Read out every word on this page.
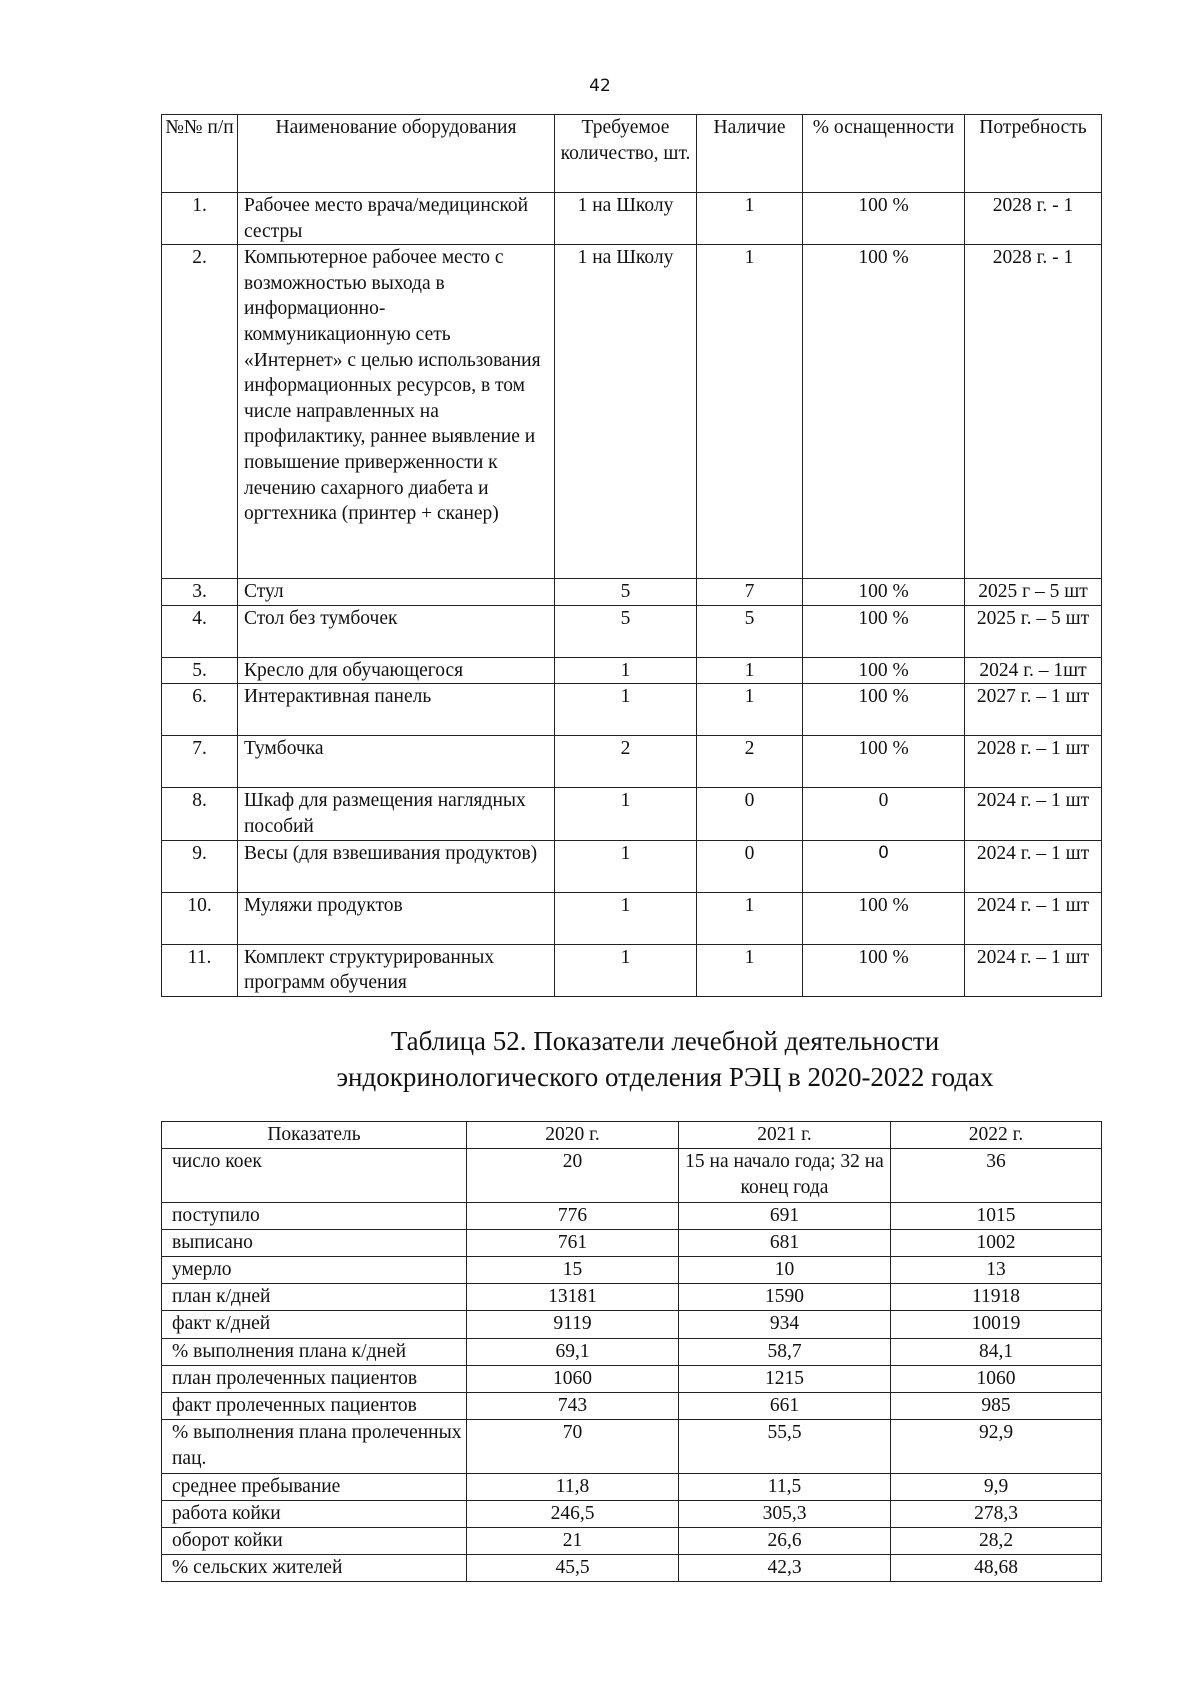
42
№№ п/п	Наименование оборудования	Требуемое количество, шт.	Наличие	% оснащенности	Потребность
1.	Рабочее место врача/медицинской сестры	1 на Школу	1	100 %	2028 г. - 1
2.	Компьютерное рабочее место с возможностью выхода в информационно-коммуникационную сеть «Интернет» с целью использования информационных ресурсов, в том числе направленных на профилактику, раннее выявление и повышение приверженности к лечению сахарного диабета и оргтехника (принтер + сканер)	1 на Школу	1	100 %	2028 г. - 1
3.	Стул	5	7	100 %	2025 г – 5 шт
4.	Стол без тумбочек	5	5	100 %	2025 г. – 5 шт
5.	Кресло для обучающегося	1	1	100 %	2024 г. – 1шт
6.	Интерактивная панель	1	1	100 %	2027 г. – 1 шт
7.	Тумбочка	2	2	100 %	2028 г. – 1 шт
8.	Шкаф для размещения наглядных пособий	1	0	0	2024 г. – 1 шт
9.	Весы (для взвешивания продуктов)	1	0	0	2024 г. – 1 шт
10.	Муляжи продуктов	1	1	100 %	2024 г. – 1 шт
11.	Комплект структурированных программ обучения	1	1	100 %	2024 г. – 1 шт
Таблица 52. Показатели лечебной деятельности
эндокринологического отделения РЭЦ в 2020-2022 годах
Показатель	2020 г.	2021 г.	2022 г.
число коек	20	15 на начало года; 32 на конец года	36
поступило	776	691	1015
выписано	761	681	1002
умерло	15	10	13
план к/дней	13181	1590	11918
факт к/дней	9119	934	10019
% выполнения плана к/дней	69,1	58,7	84,1
план пролеченных пациентов	1060	1215	1060
факт пролеченных пациентов	743	661	985
% выполнения плана пролеченных пац.	70	55,5	92,9
среднее пребывание	11,8	11,5	9,9
работа койки	246,5	305,3	278,3
оборот койки	21	26,6	28,2
% сельских жителей	45,5	42,3	48,68
